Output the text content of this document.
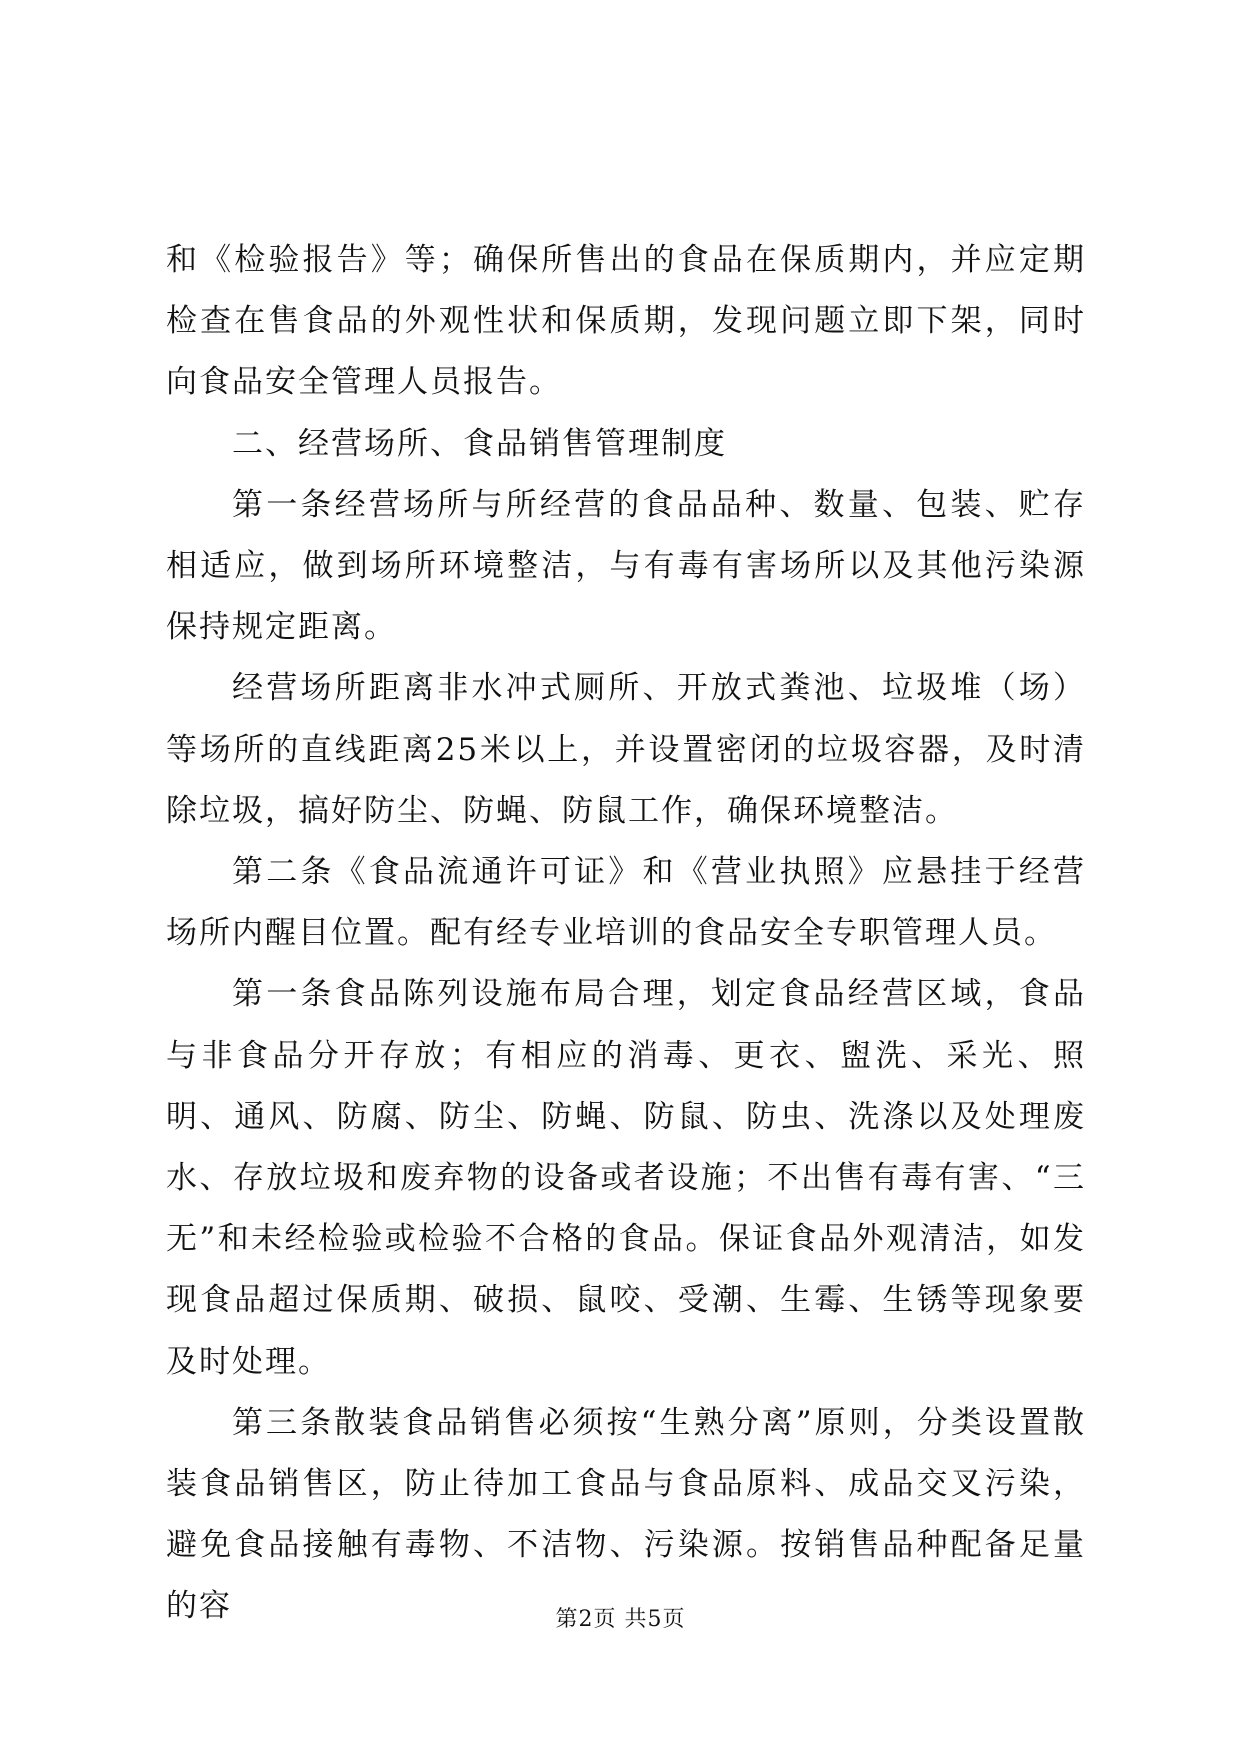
和《检验报告》等；确保所售出的食品在保质期内，并应定期检查在售食品的外观性状和保质期，发现问题立即下架，同时向食品安全管理人员报告。

二、经营场所、食品销售管理制度

第一条经营场所与所经营的食品品种、数量、包装、贮存相适应，做到场所环境整洁，与有毒有害场所以及其他污染源保持规定距离。

经营场所距离非水冲式厕所、开放式粪池、垃圾堆（场）等场所的直线距离25米以上，并设置密闭的垃圾容器，及时清除垃圾，搞好防尘、防蝇、防鼠工作，确保环境整洁。

第二条《食品流通许可证》和《营业执照》应悬挂于经营场所内醒目位置。配有经专业培训的食品安全专职管理人员。

第一条食品陈列设施布局合理，划定食品经营区域，食品与非食品分开存放；有相应的消毒、更衣、盥洗、采光、照明、通风、防腐、防尘、防蝇、防鼠、防虫、洗涤以及处理废水、存放垃圾和废弃物的设备或者设施；不出售有毒有害、“三无”和未经检验或检验不合格的食品。保证食品外观清洁，如发现食品超过保质期、破损、鼠咬、受潮、生霉、生锈等现象要及时处理。

第三条散装食品销售必须按“生熟分离”原则，分类设置散装食品销售区，防止待加工食品与食品原料、成品交叉污染，避免食品接触有毒物、不洁物、污染源。按销售品种配备足量的容	第2页 共5页
